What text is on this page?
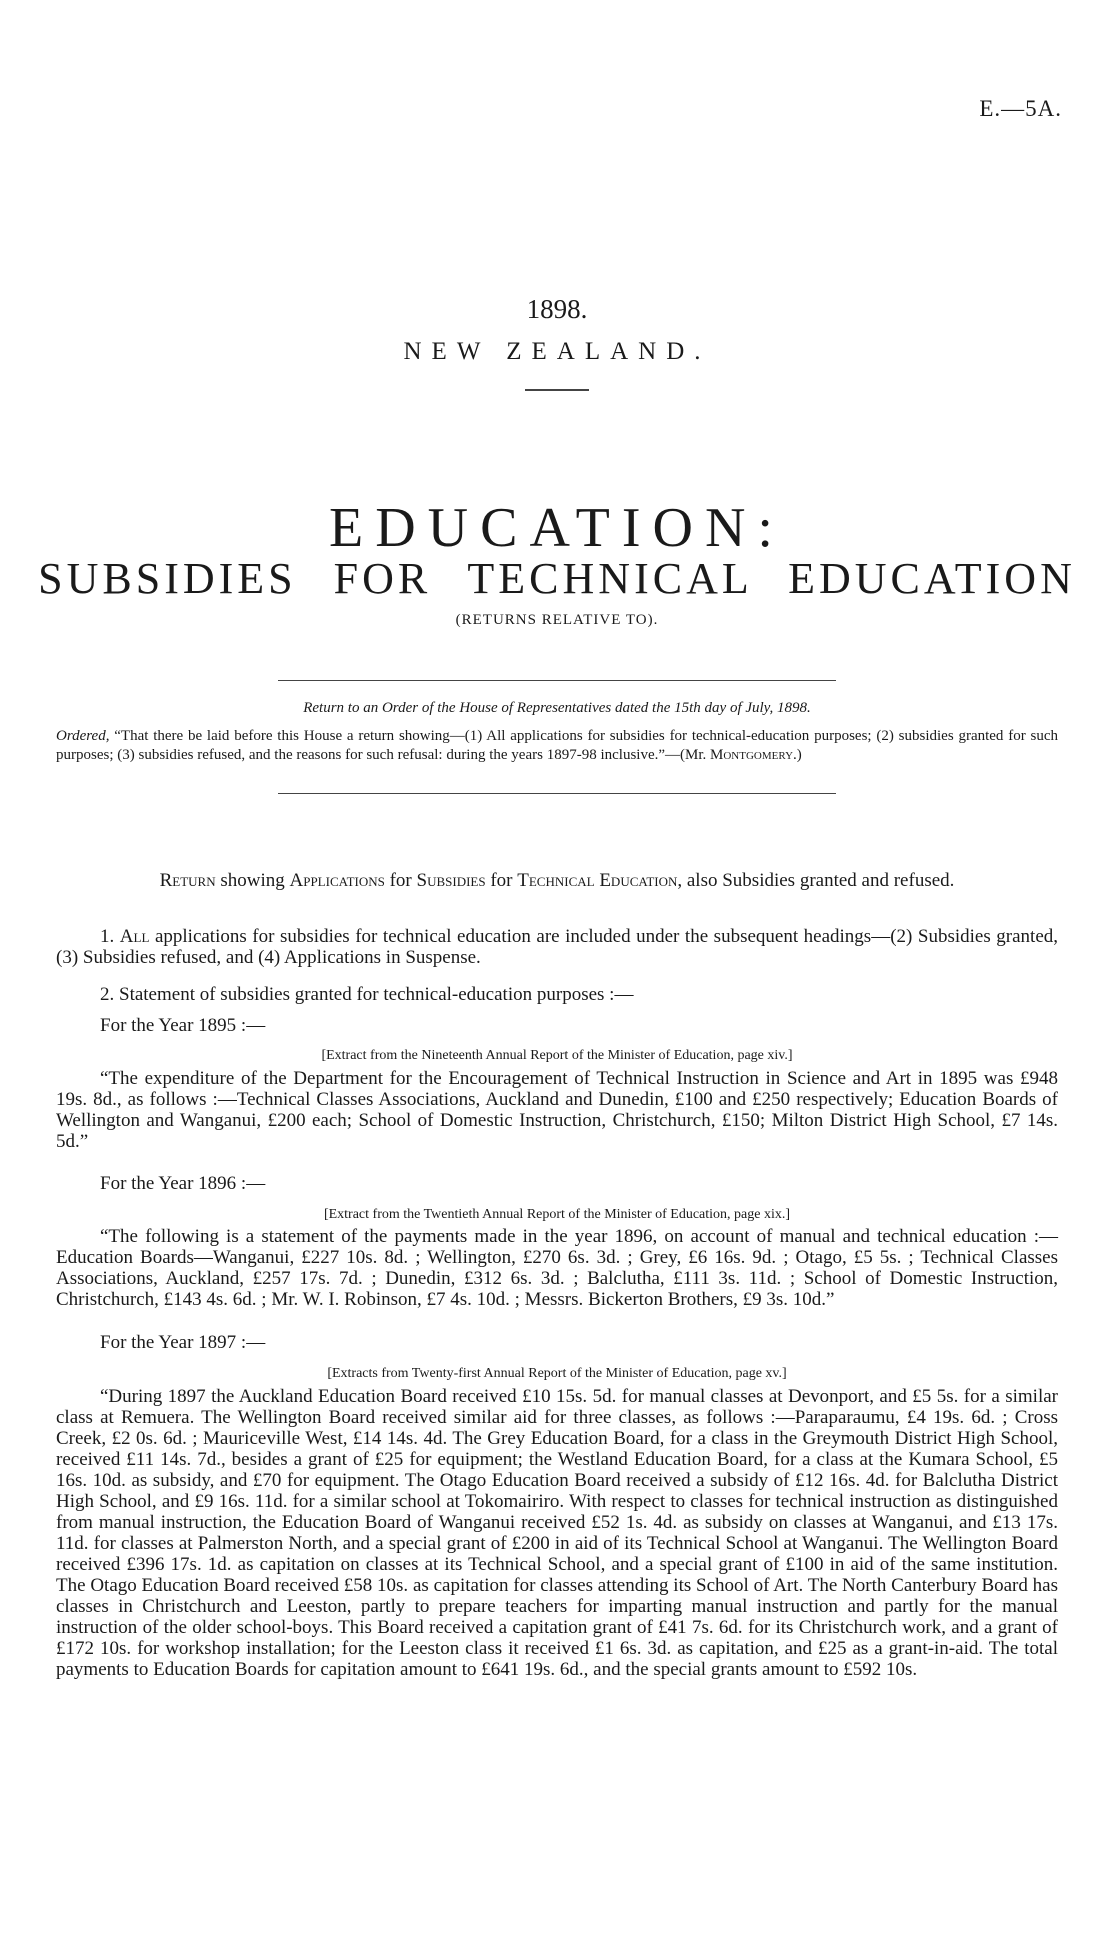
E.—5A.
1898.
NEW ZEALAND.
EDUCATION:
SUBSIDIES FOR TECHNICAL EDUCATION
(RETURNS RELATIVE TO).
Return to an Order of the House of Representatives dated the 15th day of July, 1898.
Ordered, “That there be laid before this House a return showing—(1) All applications for subsidies for technical-education purposes; (2) subsidies granted for such purposes; (3) subsidies refused, and the reasons for such refusal: during the years 1897-98 inclusive.”—(Mr. Montgomery.)
Return showing Applications for Subsidies for Technical Education, also Subsidies granted and refused.
1. All applications for subsidies for technical education are included under the subsequent headings—(2) Subsidies granted, (3) Subsidies refused, and (4) Applications in Suspense.
2. Statement of subsidies granted for technical-education purposes :—
For the Year 1895 :—
[Extract from the Nineteenth Annual Report of the Minister of Education, page xiv.]
“The expenditure of the Department for the Encouragement of Technical Instruction in Science and Art in 1895 was £948 19s. 8d., as follows :—Technical Classes Associations, Auckland and Dunedin, £100 and £250 respectively; Education Boards of Wellington and Wanganui, £200 each; School of Domestic Instruction, Christchurch, £150; Milton District High School, £7 14s. 5d.”
For the Year 1896 :—
[Extract from the Twentieth Annual Report of the Minister of Education, page xix.]
“The following is a statement of the payments made in the year 1896, on account of manual and technical education :—Education Boards—Wanganui, £227 10s. 8d. ; Wellington, £270 6s. 3d. ; Grey, £6 16s. 9d. ; Otago, £5 5s. ; Technical Classes Associations, Auckland, £257 17s. 7d. ; Dunedin, £312 6s. 3d. ; Balclutha, £111 3s. 11d. ; School of Domestic Instruction, Christchurch, £143 4s. 6d. ; Mr. W. I. Robinson, £7 4s. 10d. ; Messrs. Bickerton Brothers, £9 3s. 10d.”
For the Year 1897 :—
[Extracts from Twenty-first Annual Report of the Minister of Education, page xv.]
“During 1897 the Auckland Education Board received £10 15s. 5d. for manual classes at Devonport, and £5 5s. for a similar class at Remuera. The Wellington Board received similar aid for three classes, as follows :—Paraparaumu, £4 19s. 6d. ; Cross Creek, £2 0s. 6d. ; Mauriceville West, £14 14s. 4d. The Grey Education Board, for a class in the Greymouth District High School, received £11 14s. 7d., besides a grant of £25 for equipment; the Westland Education Board, for a class at the Kumara School, £5 16s. 10d. as subsidy, and £70 for equipment. The Otago Education Board received a subsidy of £12 16s. 4d. for Balclutha District High School, and £9 16s. 11d. for a similar school at Tokomairiro. With respect to classes for technical instruction as distinguished from manual instruction, the Education Board of Wanganui received £52 1s. 4d. as subsidy on classes at Wanganui, and £13 17s. 11d. for classes at Palmerston North, and a special grant of £200 in aid of its Technical School at Wanganui. The Wellington Board received £396 17s. 1d. as capitation on classes at its Technical School, and a special grant of £100 in aid of the same institution. The Otago Education Board received £58 10s. as capitation for classes attending its School of Art. The North Canterbury Board has classes in Christchurch and Leeston, partly to prepare teachers for imparting manual instruction and partly for the manual instruction of the older school-boys. This Board received a capitation grant of £41 7s. 6d. for its Christchurch work, and a grant of £172 10s. for workshop installation; for the Leeston class it received £1 6s. 3d. as capitation, and £25 as a grant-in-aid. The total payments to Education Boards for capitation amount to £641 19s. 6d., and the special grants amount to £592 10s.
